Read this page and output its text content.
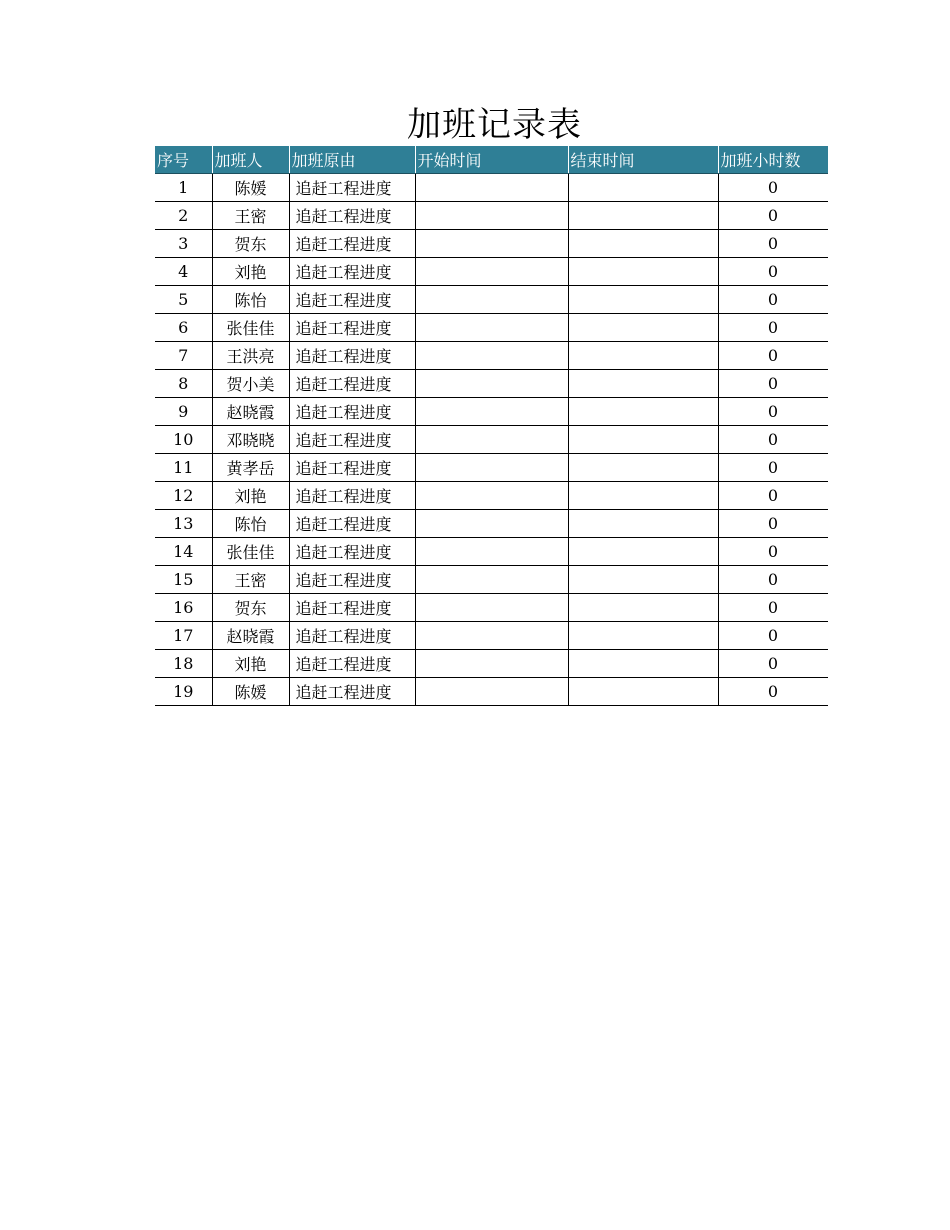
加班记录表
序号	加班人	加班原由	开始时间	结束时间	加班小时数
1	陈媛	追赶工程进度			0
2	王密	追赶工程进度			0
3	贺东	追赶工程进度			0
4	刘艳	追赶工程进度			0
5	陈怡	追赶工程进度			0
6	张佳佳	追赶工程进度			0
7	王洪亮	追赶工程进度			0
8	贺小美	追赶工程进度			0
9	赵晓霞	追赶工程进度			0
10	邓晓晓	追赶工程进度			0
11	黄孝岳	追赶工程进度			0
12	刘艳	追赶工程进度			0
13	陈怡	追赶工程进度			0
14	张佳佳	追赶工程进度			0
15	王密	追赶工程进度			0
16	贺东	追赶工程进度			0
17	赵晓霞	追赶工程进度			0
18	刘艳	追赶工程进度			0
19	陈媛	追赶工程进度			0
